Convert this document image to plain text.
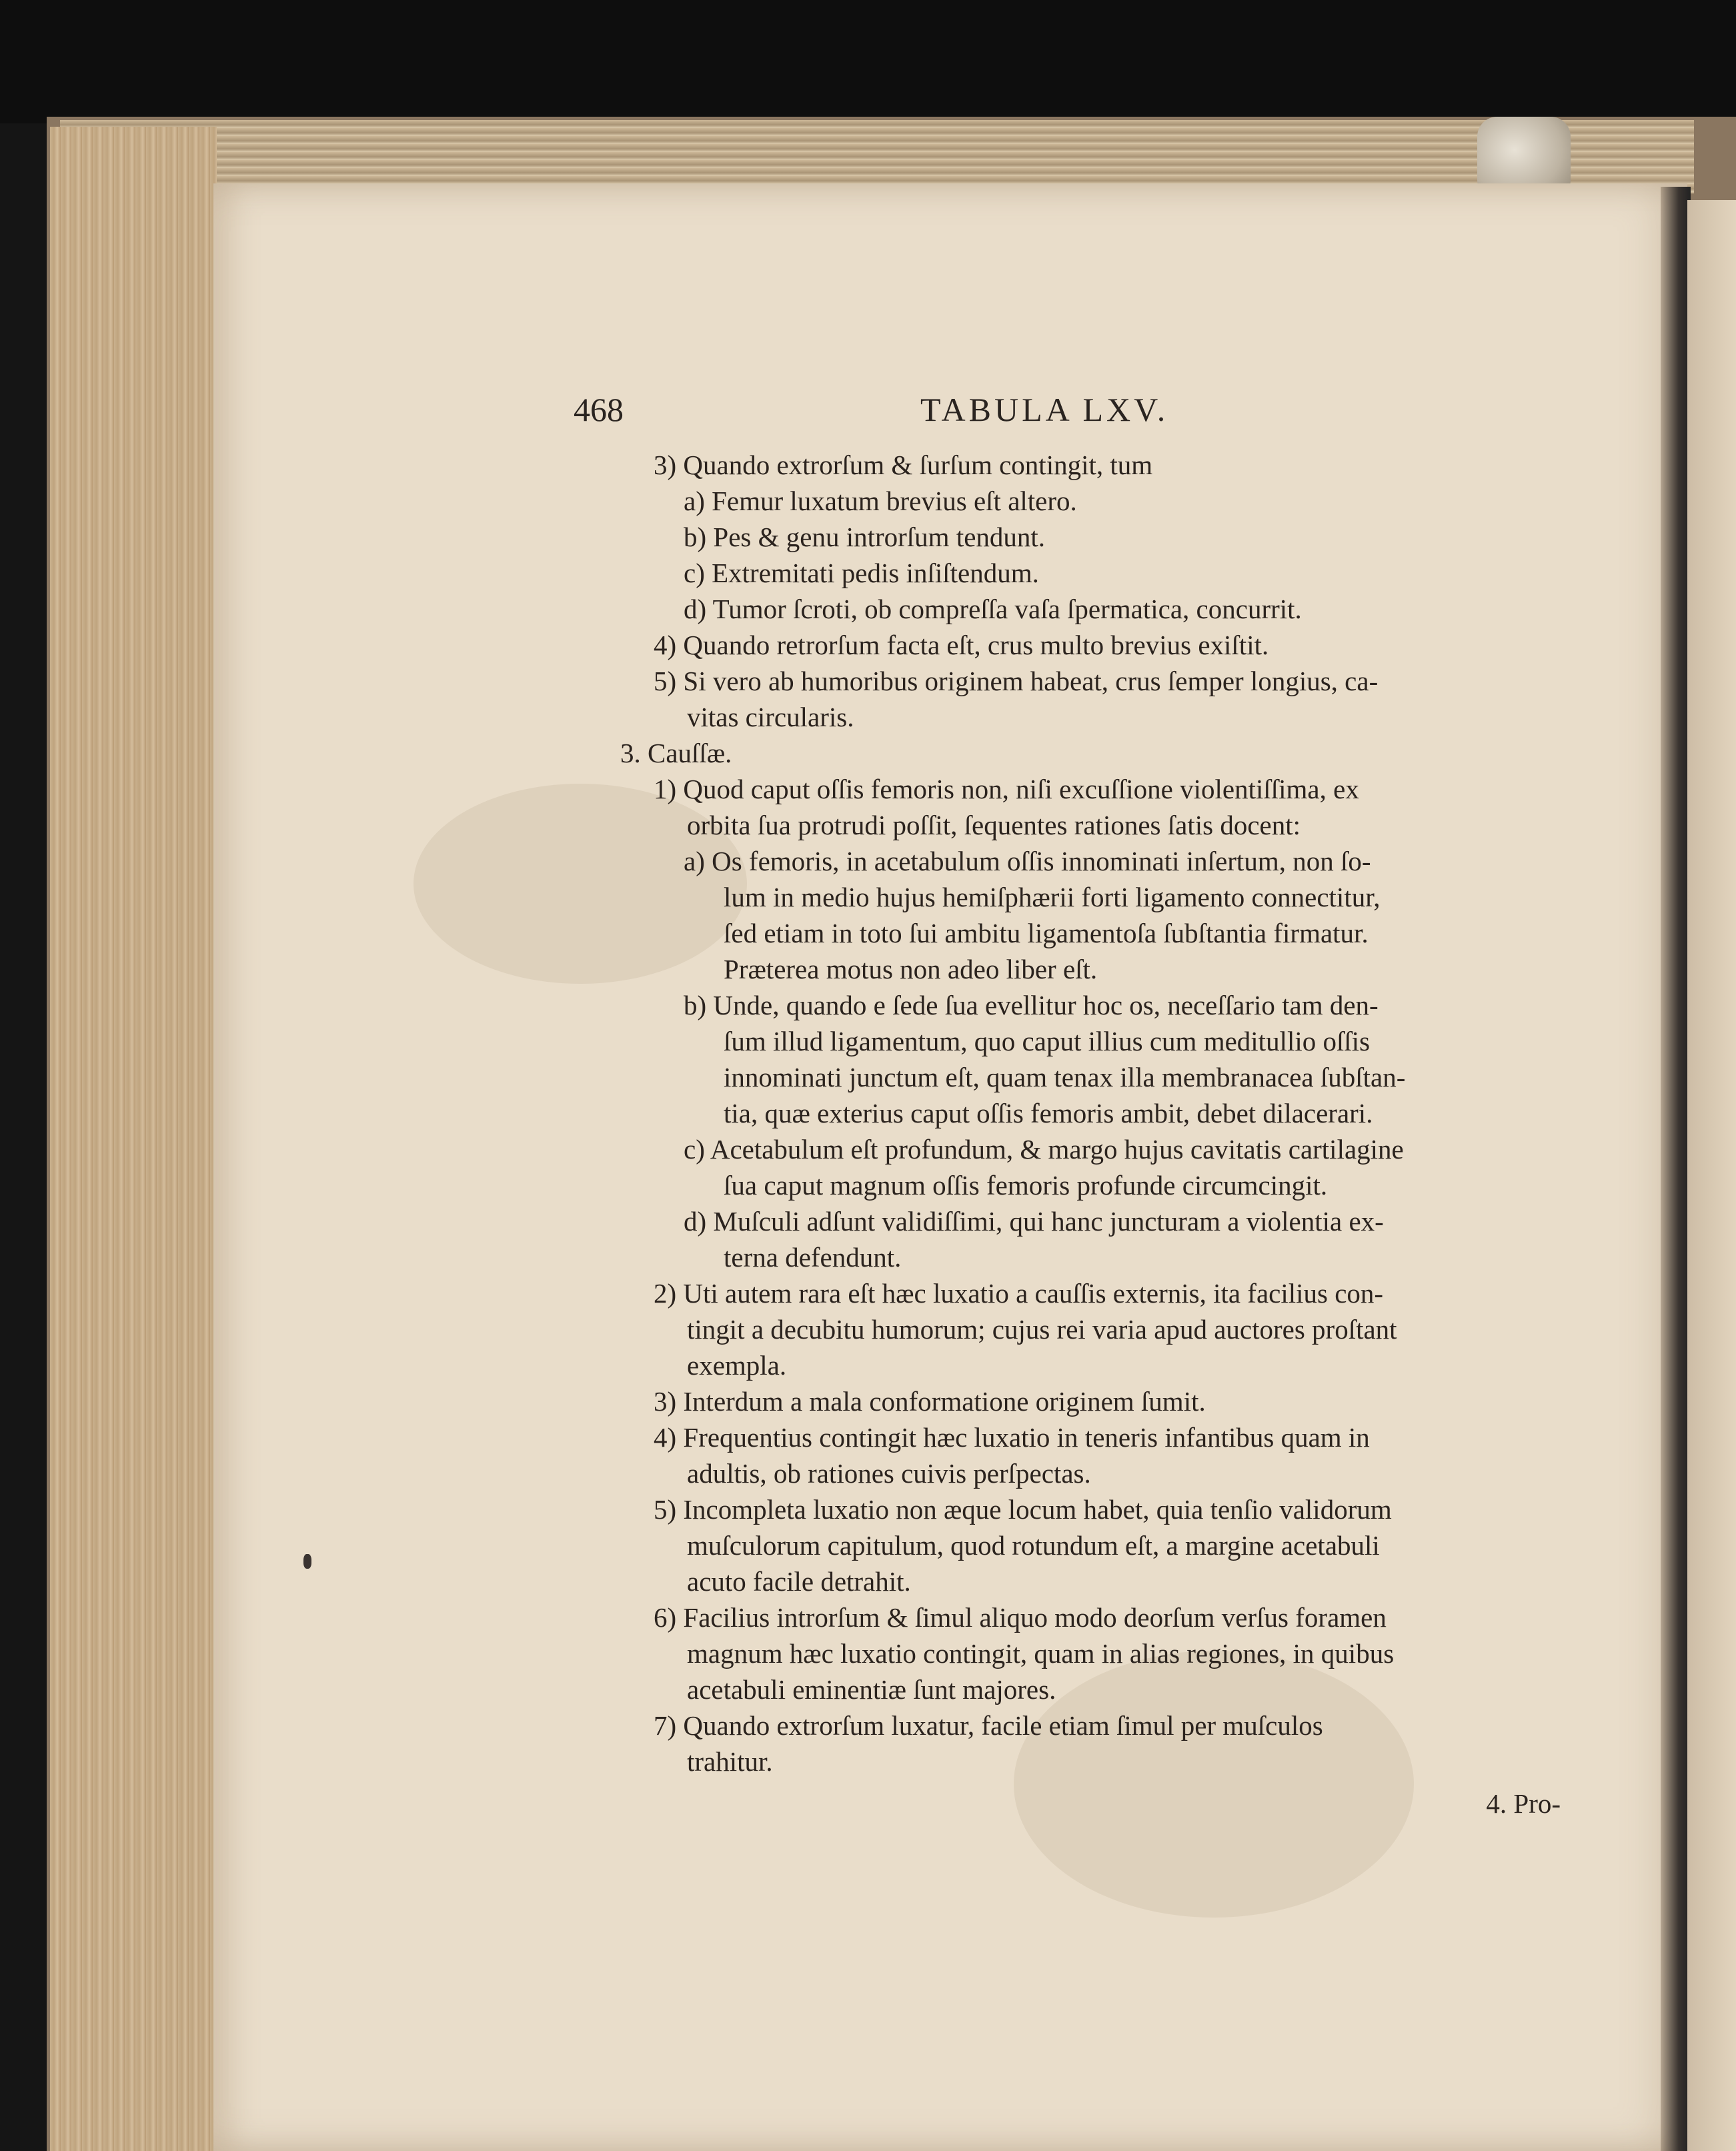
468	TABULA LXV.
3) Quando extrorſum & ſurſum contingit, tum
a) Femur luxatum brevius eſt altero.
b) Pes & genu introrſum tendunt.
c) Extremitati pedis inſiſtendum.
d) Tumor ſcroti, ob compreſſa vaſa ſpermatica, concurrit.
4) Quando retrorſum facta eſt, crus multo brevius exiſtit.
5) Si vero ab humoribus originem habeat, crus ſemper longius, ca-
vitas circularis.
3. Cauſſæ.
1) Quod caput oſſis femoris non, niſi excuſſione violentiſſima, ex
orbita ſua protrudi poſſit, ſequentes rationes ſatis docent:
a) Os femoris, in acetabulum oſſis innominati inſertum, non ſo-
lum in medio hujus hemiſphærii forti ligamento connectitur,
ſed etiam in toto ſui ambitu ligamentoſa ſubſtantia firmatur.
Præterea motus non adeo liber eſt.
b) Unde, quando e ſede ſua evellitur hoc os, neceſſario tam den-
ſum illud ligamentum, quo caput illius cum meditullio oſſis
innominati junctum eſt, quam tenax illa membranacea ſubſtan-
tia, quæ exterius caput oſſis femoris ambit, debet dilacerari.
c) Acetabulum eſt profundum, & margo hujus cavitatis cartilagine
ſua caput magnum oſſis femoris profunde circumcingit.
d) Muſculi adſunt validiſſimi, qui hanc juncturam a violentia ex-
terna defendunt.
2) Uti autem rara eſt hæc luxatio a cauſſis externis, ita facilius con-
tingit a decubitu humorum; cujus rei varia apud auctores proſtant
exempla.
3) Interdum a mala conformatione originem ſumit.
4) Frequentius contingit hæc luxatio in teneris infantibus quam in
adultis, ob rationes cuivis perſpectas.
5) Incompleta luxatio non æque locum habet, quia tenſio validorum
muſculorum capitulum, quod rotundum eſt, a margine acetabuli
acuto facile detrahit.
6) Facilius introrſum & ſimul aliquo modo deorſum verſus foramen
magnum hæc luxatio contingit, quam in alias regiones, in quibus
acetabuli eminentiæ ſunt majores.
7) Quando extrorſum luxatur, facile etiam ſimul per muſculos
trahitur.
4. Pro-
